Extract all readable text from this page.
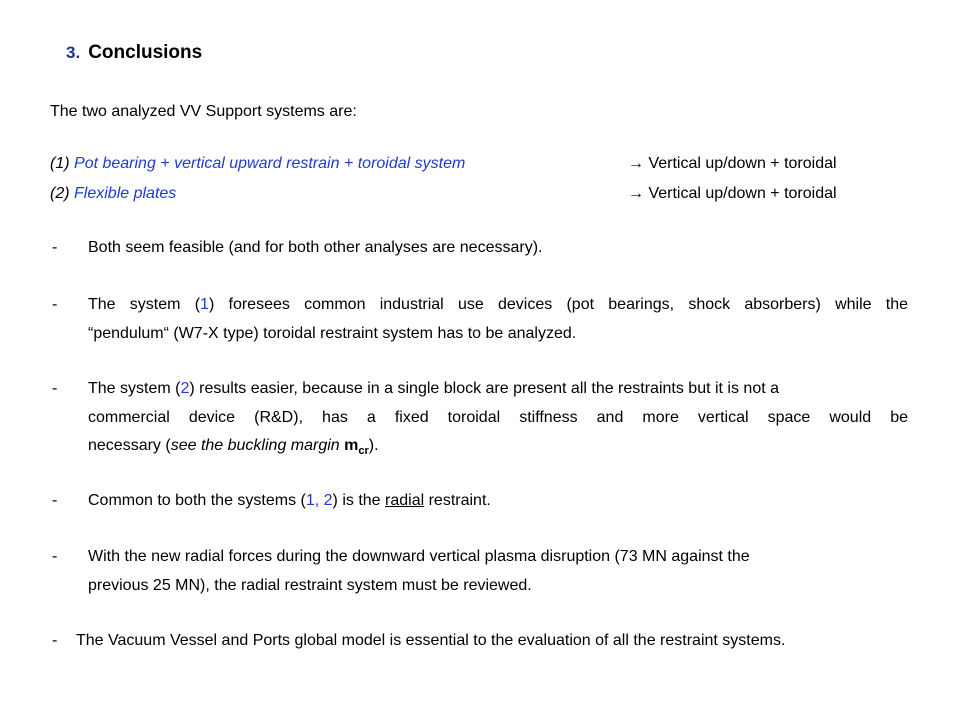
3. Conclusions
The two analyzed VV Support systems are:
(1) Pot bearing + vertical upward restrain + toroidal system	→ Vertical up/down + toroidal
(2) Flexible plates	→ Vertical up/down + toroidal
- Both seem feasible (and for both other analyses are necessary).
- The system (1) foresees common industrial use devices (pot bearings, shock absorbers) while the
“pendulum“ (W7-X type) toroidal restraint system has to be analyzed.
- The system (2) results easier, because in a single block are present all the restraints but it is not a
commercial device (R&D), has a fixed toroidal stiffness and more vertical space would be
necessary (see the buckling margin $m_{cr}$).
- Common to both the systems (1, 2) is the radial restraint.
- With the new radial forces during the downward vertical plasma disruption (73 MN against the
previous 25 MN), the radial restraint system must be reviewed.
- The Vacuum Vessel and Ports global model is essential to the evaluation of all the restraint systems.
